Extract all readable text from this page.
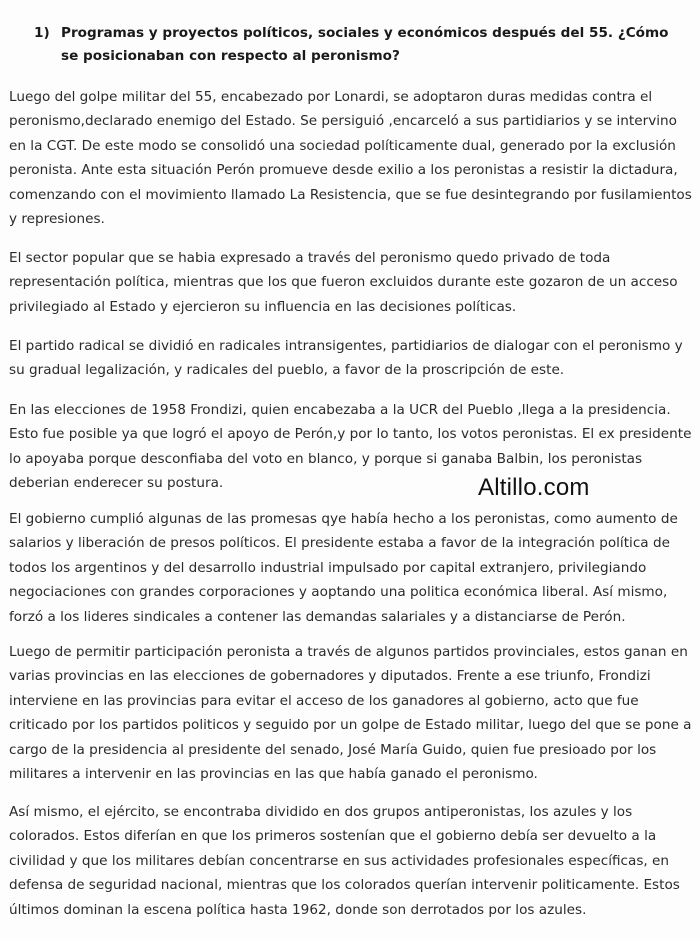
1) Programas y proyectos políticos, sociales y económicos después del 55. ¿Cómo se posicionaban con respecto al peronismo?

Luego del golpe militar del 55, encabezado por Lonardi, se adoptaron duras medidas contra el peronismo,declarado enemigo del Estado. Se persiguió ,encarceló a sus partidiarios y se intervino en la CGT. De este modo se consolidó una sociedad políticamente dual, generado por la exclusión peronista. Ante esta situación Perón promueve desde exilio a los peronistas a resistir la dictadura, comenzando con el movimiento llamado La Resistencia, que se fue desintegrando por fusilamientos y represiones.

El sector popular que se habia expresado a través del peronismo quedo privado de toda representación política, mientras que los que fueron excluidos durante este gozaron de un acceso privilegiado al Estado y ejercieron su influencia en las decisiones políticas.

El partido radical se dividió en radicales intransigentes, partidiarios de dialogar con el peronismo y su gradual legalización, y radicales del pueblo, a favor de la proscripción de este.

En las elecciones de 1958 Frondizi, quien encabezaba a la UCR del Pueblo ,llega a la presidencia. Esto fue posible ya que logró el apoyo de Perón,y por lo tanto, los votos peronistas. El ex presidente lo apoyaba porque desconfiaba del voto en blanco, y porque si ganaba Balbin, los peronistas deberian enderecer su postura.

El gobierno cumplió algunas de las promesas qye había hecho a los peronistas, como aumento de salarios y liberación de presos políticos. El presidente estaba a favor de la integración política de todos los argentinos y del desarrollo industrial impulsado por capital extranjero, privilegiando negociaciones con grandes corporaciones y aoptando una politica económica liberal. Así mismo, forzó a los lideres sindicales a contener las demandas salariales y a distanciarse de Perón.

Luego de permitir participación peronista a través de algunos partidos provinciales, estos ganan en varias provincias en las elecciones de gobernadores y diputados. Frente a ese triunfo, Frondizi interviene en las provincias para evitar el acceso de los ganadores al gobierno, acto que fue criticado por los partidos politicos y seguido por un golpe de Estado militar, luego del que se pone a cargo de la presidencia al presidente del senado, José María Guido, quien fue presioado por los militares a intervenir en las provincias en las que había ganado el peronismo.

Así mismo, el ejército, se encontraba dividido en dos grupos antiperonistas, los azules y los colorados. Estos diferían en que los primeros sostenían que el gobierno debía ser devuelto a la civilidad y que los militares debían concentrarse en sus actividades profesionales específicas, en defensa de seguridad nacional, mientras que los colorados querían intervenir politicamente. Estos últimos dominan la escena política hasta 1962, donde son derrotados por los azules.

Altillo.com
